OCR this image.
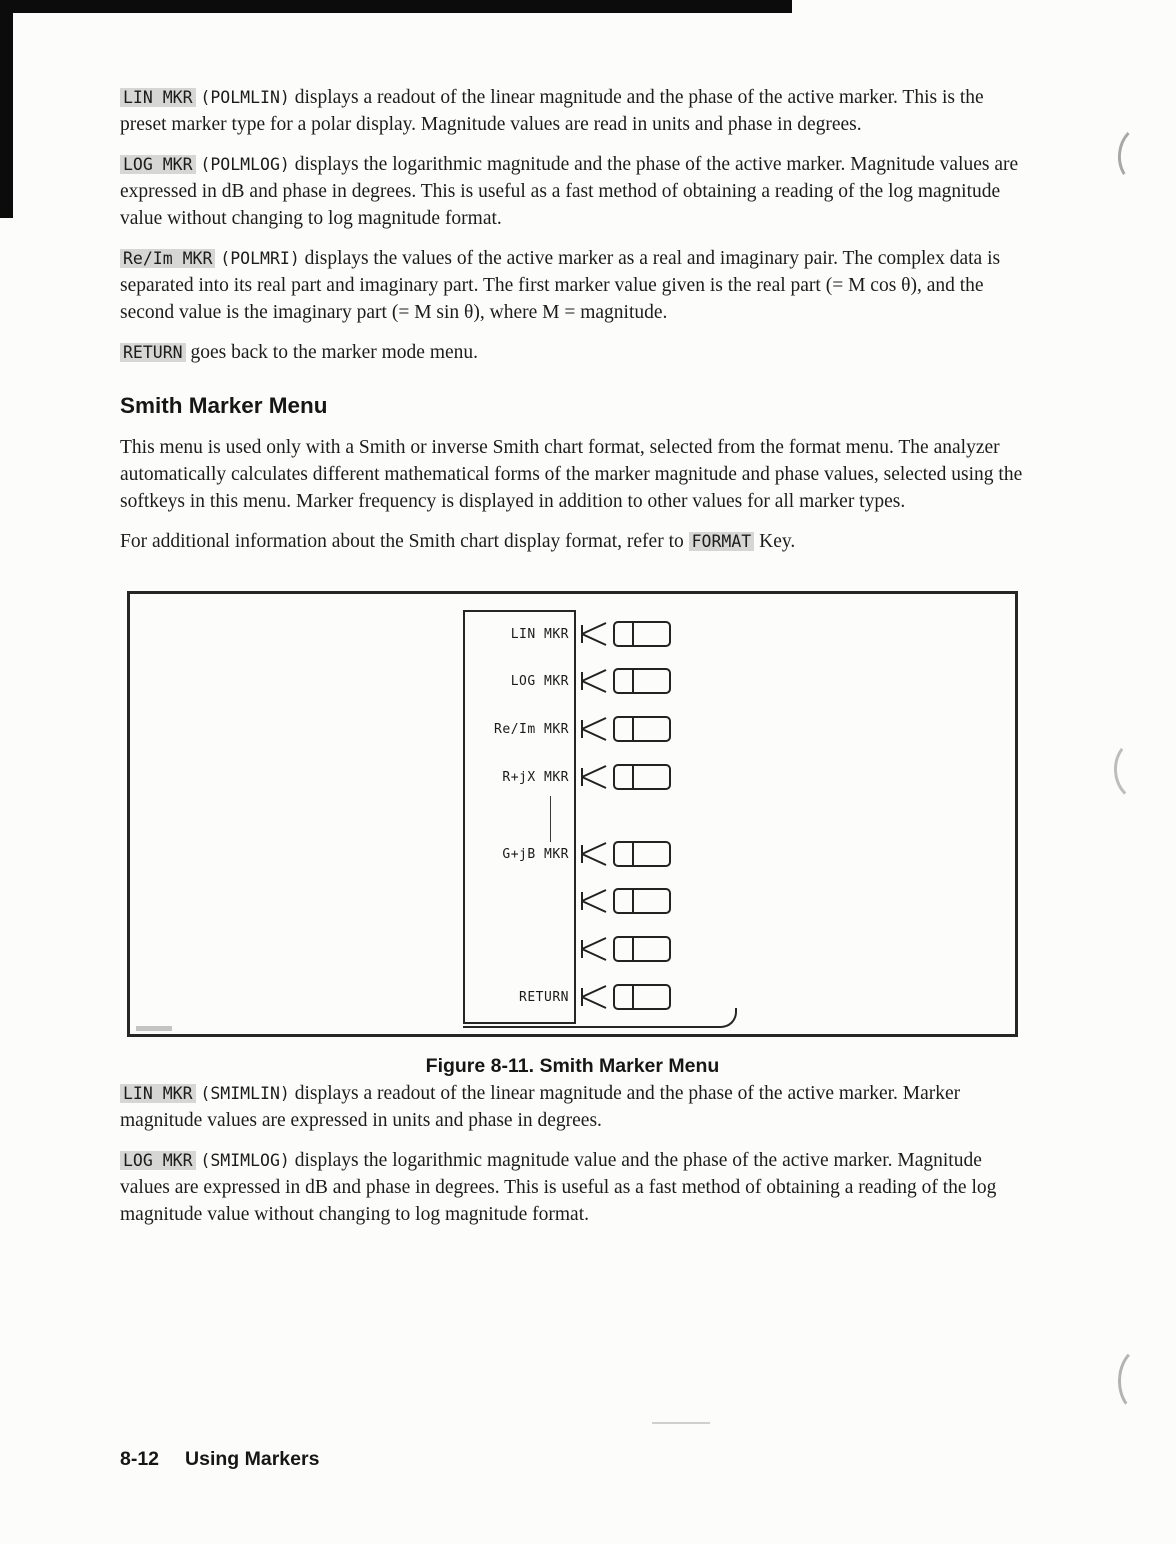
LIN MKR (POLMLIN) displays a readout of the linear magnitude and the phase of the active marker. This is the preset marker type for a polar display. Magnitude values are read in units and phase in degrees.

LOG MKR (POLMLOG) displays the logarithmic magnitude and the phase of the active marker. Magnitude values are expressed in dB and phase in degrees. This is useful as a fast method of obtaining a reading of the log magnitude value without changing to log magnitude format.

Re/Im MKR (POLMRI) displays the values of the active marker as a real and imaginary pair. The complex data is separated into its real part and imaginary part. The first marker value given is the real part (= M cos θ), and the second value is the imaginary part (= M sin θ), where M = magnitude.

RETURN goes back to the marker mode menu.

Smith Marker Menu

This menu is used only with a Smith or inverse Smith chart format, selected from the format menu. The analyzer automatically calculates different mathematical forms of the marker magnitude and phase values, selected using the softkeys in this menu. Marker frequency is displayed in addition to other values for all marker types.

For additional information about the Smith chart display format, refer to FORMAT Key.

LIN MKR
LOG MKR
Re/Im MKR
R+jX MKR
G+jB MKR
RETURN
Figure 8-11. Smith Marker Menu

LIN MKR (SMIMLIN) displays a readout of the linear magnitude and the phase of the active marker. Marker magnitude values are expressed in units and phase in degrees.

LOG MKR (SMIMLOG) displays the logarithmic magnitude value and the phase of the active marker. Magnitude values are expressed in dB and phase in degrees. This is useful as a fast method of obtaining a reading of the log magnitude value without changing to log magnitude format.

8-12 Using Markers
